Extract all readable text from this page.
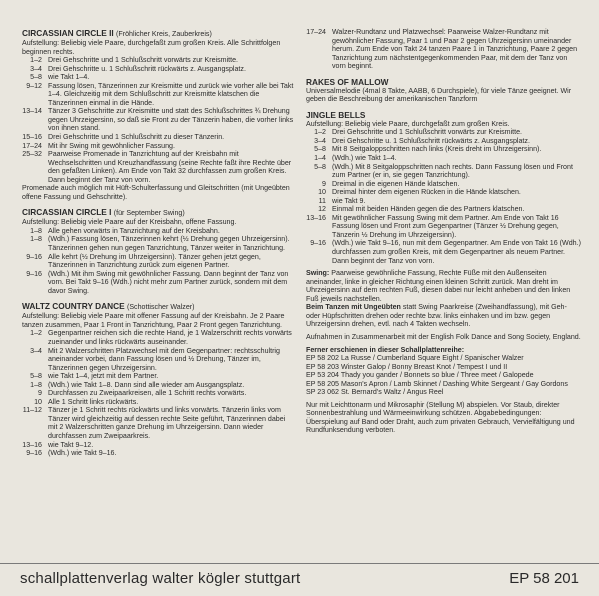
CIRCASSIAN CIRCLE II (Fröhlicher Kreis, Zauberkreis)

Aufstellung: Beliebig viele Paare, durchgefaßt zum großen Kreis. Alle Schrittfolgen beginnen rechts.

1–2 Drei Gehschritte und 1 Schlußschritt vorwärts zur Kreismitte.
3–4 Drei Gehschritte u. 1 Schlußschritt rückwärts z. Ausgangsplatz.
5–8 wie Takt 1–4.
9–12 Fassung lösen, Tänzerinnen zur Kreismitte und zurück wie vorher alle bei Takt 1–4. Gleichzeitig mit dem Schlußschritt zur Kreismitte klatschen die Tänzerinnen einmal in die Hände.
13–14 Tänzer 3 Gehschritte zur Kreismitte und statt des Schlußschrittes ¾ Drehung gegen Uhrzeigersinn, so daß sie Front zu der Tänzerin haben, die vorher links von ihnen stand.
15–16 Drei Gehschritte und 1 Schlußschritt zu dieser Tänzerin.
17–24 Mit ihr Swing mit gewöhnlicher Fassung.
25–32 Paarweise Promenade in Tanzrichtung auf der Kreisbahn mit Wechselschritten und Kreuzhandfassung (seine Rechte faßt ihre Rechte über den gefaßten Linken). Am Ende von Takt 32 durchfassen zum großen Kreis. Dann beginnt der Tanz von vorn.

Promenade auch möglich mit Hüft-Schulterfassung und Gleitschritten (mit Ungeübten offene Fassung und Gehschritte).

CIRCASSIAN CIRCLE I (für September Swing)

Aufstellung: Beliebig viele Paare auf der Kreisbahn, offene Fassung.

1–8 Alle gehen vorwärts in Tanzrichtung auf der Kreisbahn.
1–8 (Wdh.) Fassung lösen, Tänzerinnen kehrt (½ Drehung gegen Uhrzeigersinn). Tänzerinnen gehen nun gegen Tanzrichtung, Tänzer weiter in Tanzrichtung.
9–16 Alle kehrt (½ Drehung im Uhrzeigersinn). Tänzer gehen jetzt gegen, Tänzerinnen in Tanzrichtung zurück zum eigenen Partner.
9–16 (Wdh.) Mit ihm Swing mit gewöhnlicher Fassung. Dann beginnt der Tanz von vorn. Bei Takt 9–16 (Wdh.) nicht mehr zum Partner zurück, sondern mit dem davor Swing.
WALTZ COUNTRY DANCE (Schottischer Walzer)

Aufstellung: Beliebig viele Paare mit offener Fassung auf der Kreisbahn. Je 2 Paare tanzen zusammen, Paar 1 Front in Tanzrichtung, Paar 2 Front gegen Tanzrichtung.

1–2 Gegenpartner reichen sich die rechte Hand, je 1 Walzerschritt rechts vorwärts zueinander und links rückwärts auseinander.
3–4 Mit 2 Walzerschritten Platzwechsel mit dem Gegenpartner: rechtsschultrig aneinander vorbei, dann Fassung lösen und ½ Drehung, Tänzer im, Tänzerinnen gegen Uhrzeigersinn.
5–8 wie Takt 1–4, jetzt mit dem Partner.
1–8 (Wdh.) wie Takt 1–8. Dann sind alle wieder am Ausgangsplatz.
9 Durchfassen zu Zweipaarkreisen, alle 1 Schritt rechts vorwärts.
10 Alle 1 Schritt links rückwärts.
11–12 Tänzer je 1 Schritt rechts rückwärts und links vorwärts. Tänzerin links vom Tänzer wird gleichzeitig auf dessen rechte Seite geführt, Tänzerinnen dabei mit 2 Walzerschritten ganze Drehung im Uhrzeigersinn. Dann wieder durchfassen zum Zweipaarkreis.
13–16 wie Takt 9–12.
9–16 (Wdh.) wie Takt 9–16.
17–24 Walzer-Rundtanz und Platzwechsel: Paarweise Walzer-Rundtanz mit gewöhnlicher Fassung, Paar 1 und Paar 2 gegen Uhrzeigersinn umeinander herum. Zum Ende von Takt 24 tanzen Paare 1 in Tanzrichtung, Paare 2 gegen Tanzrichtung zum nächstentgegenkommenden Paar, mit dem der Tanz von vorn beginnt.
RAKES OF MALLOW

Universalmelodie (4mal 8 Takte, AABB, 6 Durchspiele), für viele Tänze geeignet. Wir geben die Beschreibung der amerikanischen Tanzform

JINGLE BELLS

Aufstellung: Beliebig viele Paare, durchgefaßt zum großen Kreis.

1–2 Drei Gehschritte und 1 Schlußschritt vorwärts zur Kreismitte.
3–4 Drei Gehschritte u. 1 Schlußschritt rückwärts z. Ausgangsplatz.
5–8 Mit 8 Seitgaloppschritten nach links (Kreis dreht im Uhrzeigersinn).
1–4 (Wdh.) wie Takt 1–4.
5–8 (Wdh.) Mit 8 Seitgaloppschritten nach rechts. Dann Fassung lösen und Front zum Partner (er in, sie gegen Tanzrichtung).
9 Dreimal in die eigenen Hände klatschen.
10 Dreimal hinter dem eigenen Rücken in die Hände klatschen.
11 wie Takt 9.
12 Einmal mit beiden Händen gegen die des Partners klatschen.
13–16 Mit gewöhnlicher Fassung Swing mit dem Partner. Am Ende von Takt 16 Fassung lösen und Front zum Gegenpartner (Tänzer ½ Drehung gegen, Tänzerin ½ Drehung im Uhrzeigersinn).
9–16 (Wdh.) wie Takt 9–16, nun mit dem Gegenpartner. Am Ende von Takt 16 (Wdh.) durchfassen zum großen Kreis, mit dem Gegenpartner als neuem Partner. Dann beginnt der Tanz von vorn.

Swing: Paarweise gewöhnliche Fassung, Rechte Füße mit den Außenseiten aneinander, linke in gleicher Richtung einen kleinen Schritt zurück. Man dreht im Uhrzeigersinn auf dem rechten Fuß, diesen dabei nur leicht anheben und den linken Fuß jeweils nachstellen.

Beim Tanzen mit Ungeübten statt Swing Paarkreise (Zweihandfassung), mit Geh- oder Hüpfschritten drehen oder rechte bzw. links einhaken und im bzw. gegen Uhrzeigersinn drehen, evtl. nach 4 Takten wechseln.

Aufnahmen in Zusammenarbeit mit der English Folk Dance and Song Society, England.

Ferner erschienen in dieser Schallplattenreihe:

EP 58 202 La Russe / Cumberland Square Eight / Spanischer Walzer

EP 58 203 Winster Galop / Bonny Breast Knot / Tempest I und II

EP 53 204 Thady you gander / Bonnets so blue / Three meet / Galopede

EP 58 205 Mason's Apron / Lamb Skinnet / Dashing White Sergeant / Gay Gordons

SP 23 062 St. Bernard's Waltz / Angus Reel

Nur mit Leichttonarm und Mikrosaphir (Stellung M) abspielen. Vor Staub, direkter Sonnenbestrahlung und Wärmeeinwirkung schützen. Abgabebedingungen: Überspielung auf Band oder Draht, auch zum privaten Gebrauch, Vervielfältigung und Rundfunksendung verboten.

schallplattenverlag walter kögler stuttgart	EP 58 201
